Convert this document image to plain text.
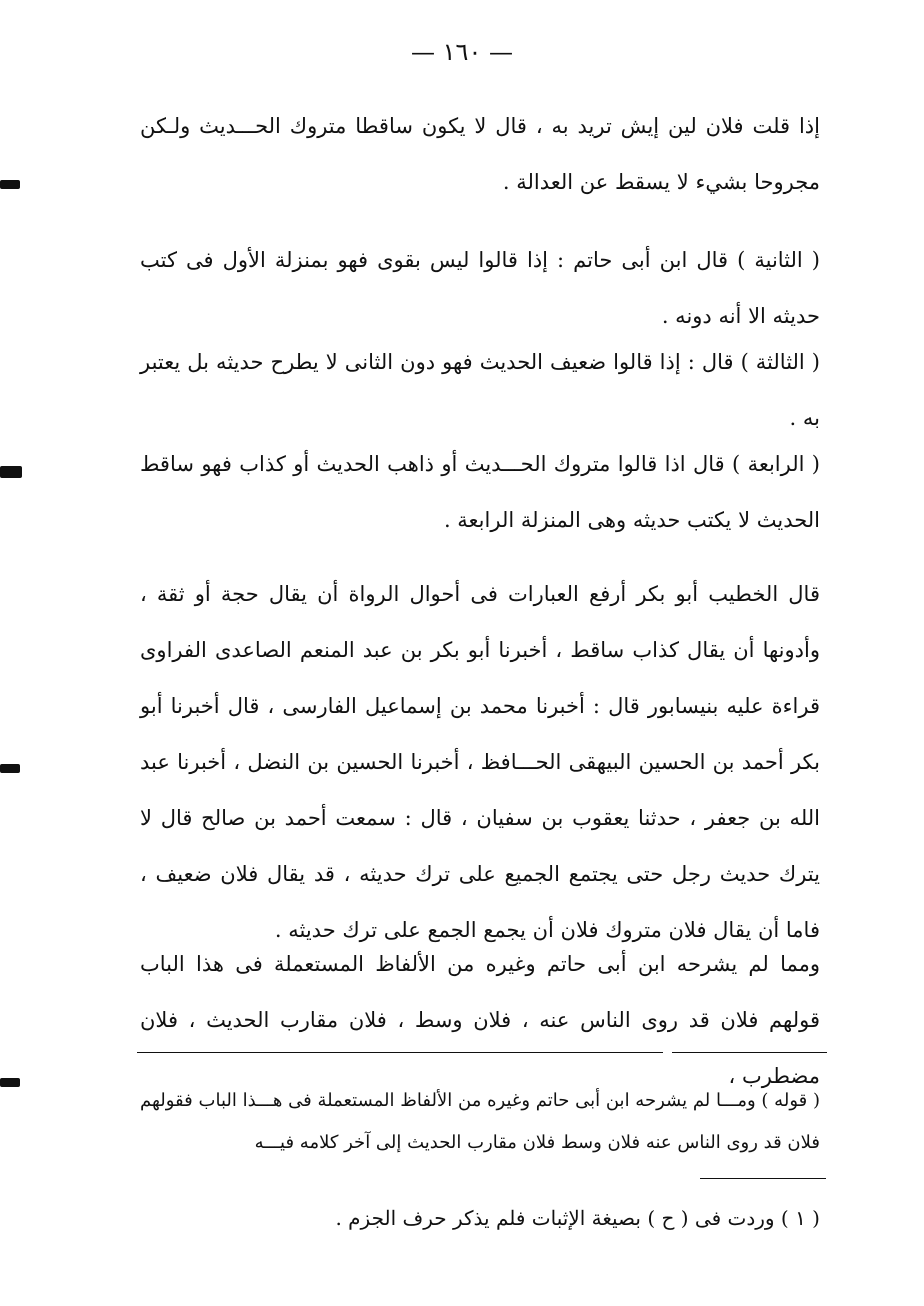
— ١٦٠ —

إذا قلت فلان لين إيش تريد به ، قال لا يكون ساقطا متروك الحـــديث ولـكن مجروحا بشيء لا يسقط عن العدالة .

( الثانية ) قال ابن أبى حاتم : إذا قالوا ليس بقوى فهو بمنزلة الأول فى كتب حديثه الا أنه دونه .

( الثالثة ) قال : إذا قالوا ضعيف الحديث فهو دون الثانى لا يطرح حديثه بل يعتبر به .

( الرابعة ) قال اذا قالوا متروك الحـــديث أو ذاهب الحديث أو كذاب فهو ساقط الحديث لا يكتب حديثه وهى المنزلة الرابعة .

قال الخطيب أبو بكر أرفع العبارات فى أحوال الرواة أن يقال حجة أو ثقة ، وأدونها أن يقال كذاب ساقط ، أخبرنا أبو بكر بن عبد المنعم الصاعدى الفراوى قراءة عليه بنيسابور قال : أخبرنا محمد بن إسماعيل الفارسى ، قال أخبرنا أبو بكر أحمد بن الحسين البيهقى الحـــافظ ، أخبرنا الحسين بن النضل ، أخبرنا عبد الله بن جعفر ، حدثنا يعقوب بن سفيان ، قال : سمعت أحمد بن صالح قال لا يترك حديث رجل حتى يجتمع الجميع على ترك حديثه ، قد يقال فلان ضعيف ، فاما أن يقال فلان متروك فلان أن يجمع الجمع على ترك حديثه .

ومما لم يشرحه ابن أبى حاتم وغيره من الألفاظ المستعملة فى هذا الباب قولهم فلان قد روى الناس عنه ، فلان وسط ، فلان مقارب الحديث ، فلان مضطرب ،

( قوله ) ومـــا لم يشرحه ابن أبى حاتم وغيره من الألفاظ المستعملة فى هـــذا الباب فقولهم فلان قد روى الناس عنه فلان وسط فلان مقارب الحديث إلى آخر كلامه فيـــه

( ١ ) وردت فى ( ح ) بصيغة الإثبات فلم يذكر حرف الجزم .
